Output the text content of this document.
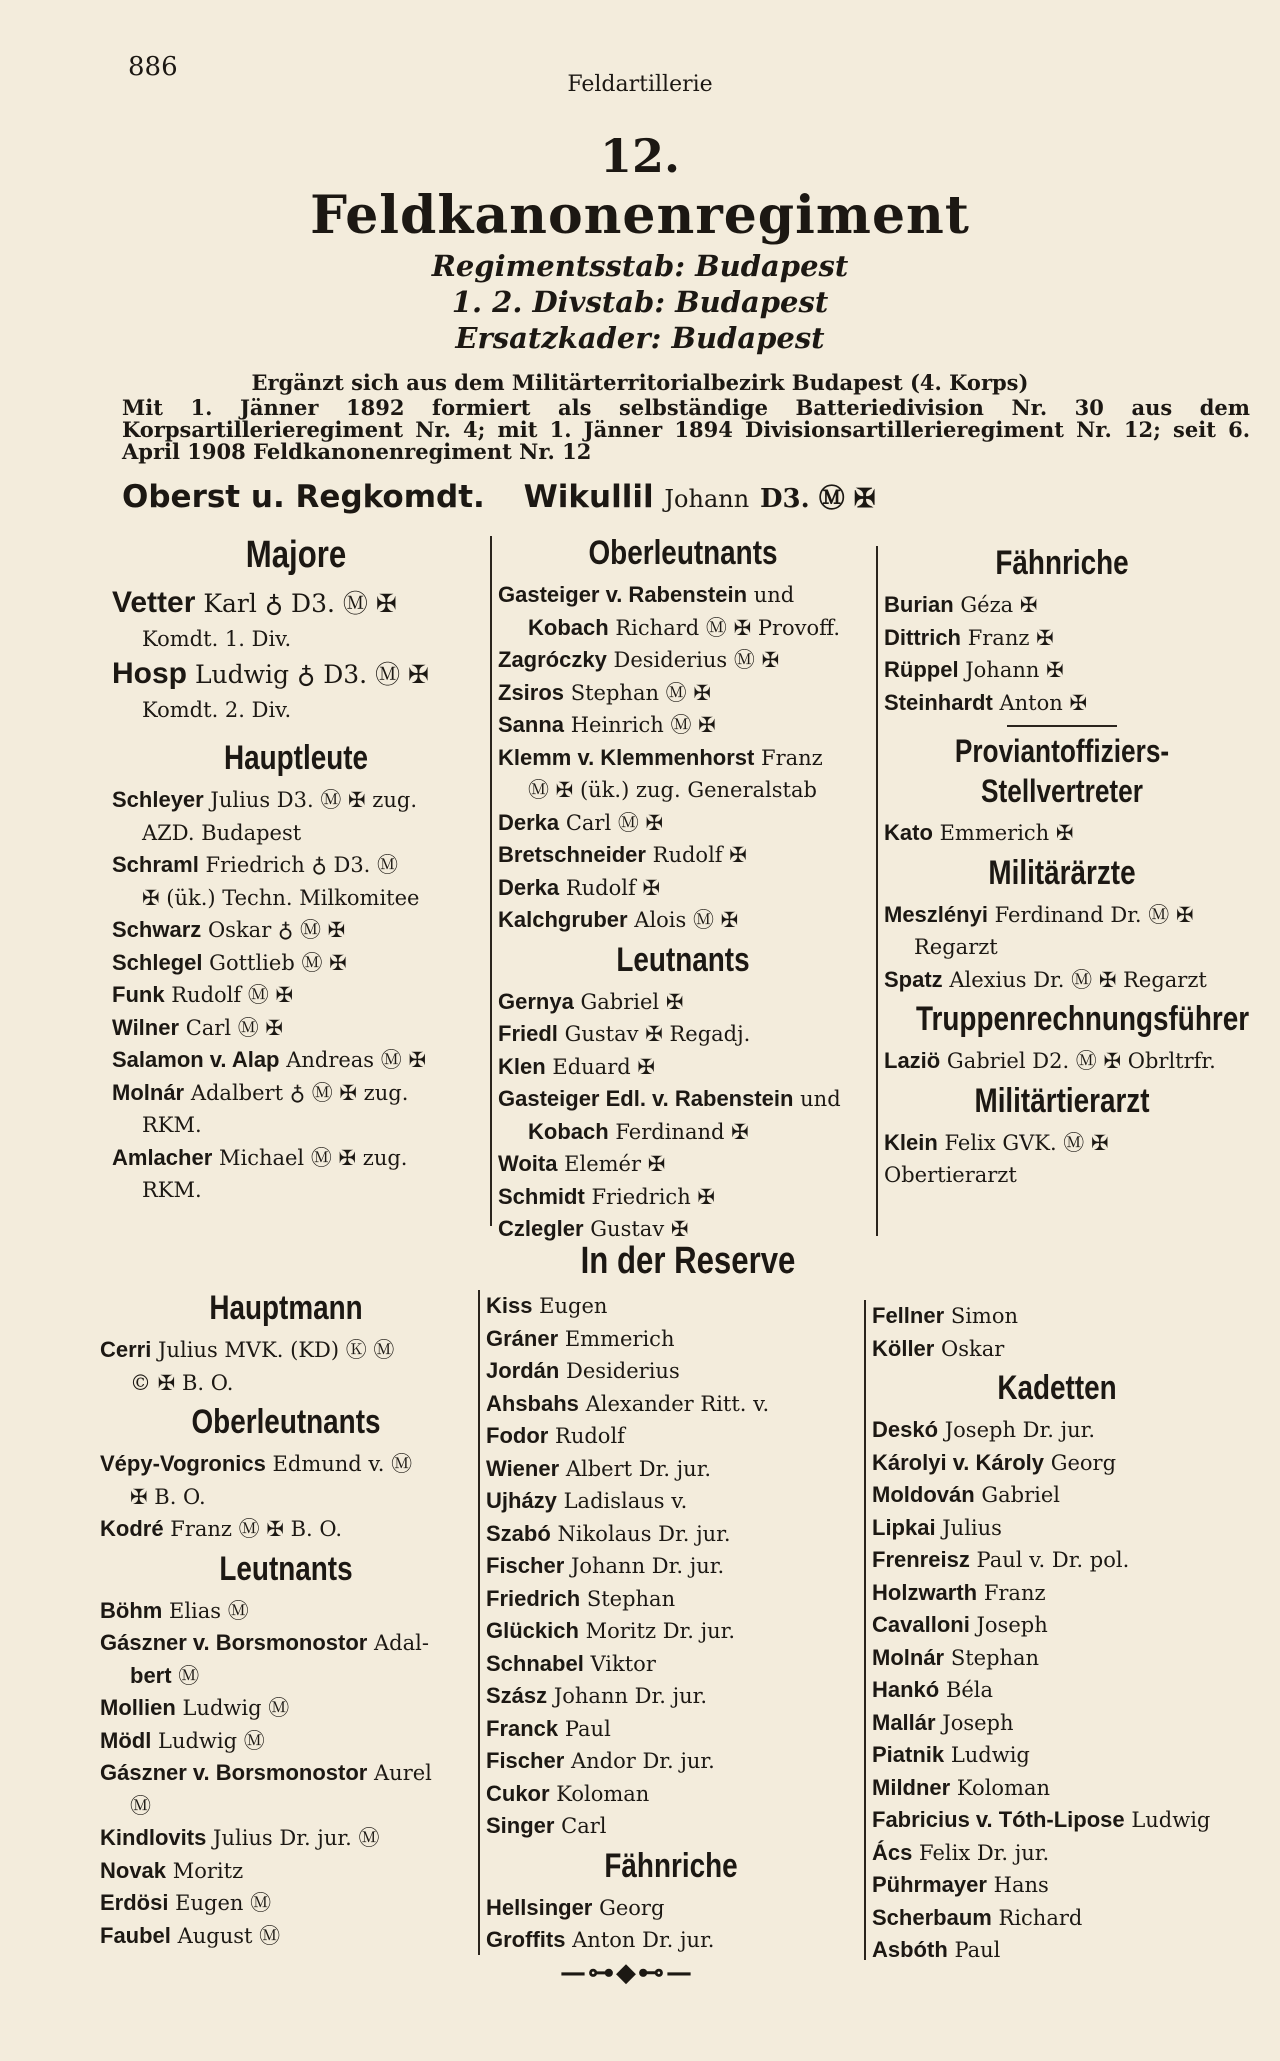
886
Feldartillerie
12.
Feldkanonenregiment
Regimentsstab: Budapest
1. 2. Divstab: Budapest
Ersatzkader: Budapest
Ergänzt sich aus dem Militärterritorialbezirk Budapest (4. Korps)
Mit 1. Jänner 1892 formiert als selbständige Batteriedivision Nr. 30 aus dem Korpsartillerieregiment Nr. 4; mit 1. Jänner 1894 Divisionsartillerieregiment Nr. 12; seit 6. April 1908 Feldkanonenregiment Nr. 12
Oberst u. Regkomdt. Wikullil Johann D3. Ⓜ ✠
Majore
Vetter Karl ♁ D3. Ⓜ ✠
Komdt. 1. Div.
Hosp Ludwig ♁ D3. Ⓜ ✠
Komdt. 2. Div.
Hauptleute
Schleyer Julius D3. Ⓜ ✠ zug.
AZD. Budapest
Schraml Friedrich ♁ D3. Ⓜ
✠ (ük.) Techn. Milkomitee
Schwarz Oskar ♁ Ⓜ ✠
Schlegel Gottlieb Ⓜ ✠
Funk Rudolf Ⓜ ✠
Wilner Carl Ⓜ ✠
Salamon v. Alap Andreas Ⓜ ✠
Molnár Adalbert ♁ Ⓜ ✠ zug.
RKM.
Amlacher Michael Ⓜ ✠ zug.
RKM.
Oberleutnants
Gasteiger v. Rabenstein und
Kobach Richard Ⓜ ✠ Provoff.
Zagróczky Desiderius Ⓜ ✠
Zsiros Stephan Ⓜ ✠
Sanna Heinrich Ⓜ ✠
Klemm v. Klemmenhorst Franz
Ⓜ ✠ (ük.) zug. Generalstab
Derka Carl Ⓜ ✠
Bretschneider Rudolf ✠
Derka Rudolf ✠
Kalchgruber Alois Ⓜ ✠
Leutnants
Gernya Gabriel ✠
Friedl Gustav ✠ Regadj.
Klen Eduard ✠
Gasteiger Edl. v. Rabenstein und
Kobach Ferdinand ✠
Woita Elemér ✠
Schmidt Friedrich ✠
Czlegler Gustav ✠
Fähnriche
Burian Géza ✠
Dittrich Franz ✠
Rüppel Johann ✠
Steinhardt Anton ✠
Proviantoffiziers-Stellvertreter
Kato Emmerich ✠
Militärärzte
Meszlényi Ferdinand Dr. Ⓜ ✠
Regarzt
Spatz Alexius Dr. Ⓜ ✠ Regarzt
Truppenrechnungsführer
Laziö Gabriel D2. Ⓜ ✠ Obrltrfr.
Militärtierarzt
Klein Felix GVK. Ⓜ ✠ Obertierarzt
In der Reserve
Hauptmann
Cerri Julius MVK. (KD) Ⓚ Ⓜ
© ✠ B. O.
Oberleutnants
Vépy-Vogronics Edmund v. Ⓜ
✠ B. O.
Kodré Franz Ⓜ ✠ B. O.
Leutnants
Böhm Elias Ⓜ
Gászner v. Borsmonostor Adal-
bert Ⓜ
Mollien Ludwig Ⓜ
Mödl Ludwig Ⓜ
Gászner v. Borsmonostor Aurel
Ⓜ
Kindlovits Julius Dr. jur. Ⓜ
Novak Moritz
Erdösi Eugen Ⓜ
Faubel August Ⓜ
Kiss Eugen
Gráner Emmerich
Jordán Desiderius
Ahsbahs Alexander Ritt. v.
Fodor Rudolf
Wiener Albert Dr. jur.
Ujházy Ladislaus v.
Szabó Nikolaus Dr. jur.
Fischer Johann Dr. jur.
Friedrich Stephan
Glückich Moritz Dr. jur.
Schnabel Viktor
Szász Johann Dr. jur.
Franck Paul
Fischer Andor Dr. jur.
Cukor Koloman
Singer Carl
Fähnriche
Hellsinger Georg
Groffits Anton Dr. jur.
Fellner Simon
Köller Oskar
Kadetten
Deskó Joseph Dr. jur.
Károlyi v. Károly Georg
Moldován Gabriel
Lipkai Julius
Frenreisz Paul v. Dr. pol.
Holzwarth Franz
Cavalloni Joseph
Molnár Stephan
Hankó Béla
Mallár Joseph
Piatnik Ludwig
Mildner Koloman
Fabricius v. Tóth-Lipose Ludwig
Ács Felix Dr. jur.
Pührmayer Hans
Scherbaum Richard
Asbóth Paul
—⊶◆⊷—
